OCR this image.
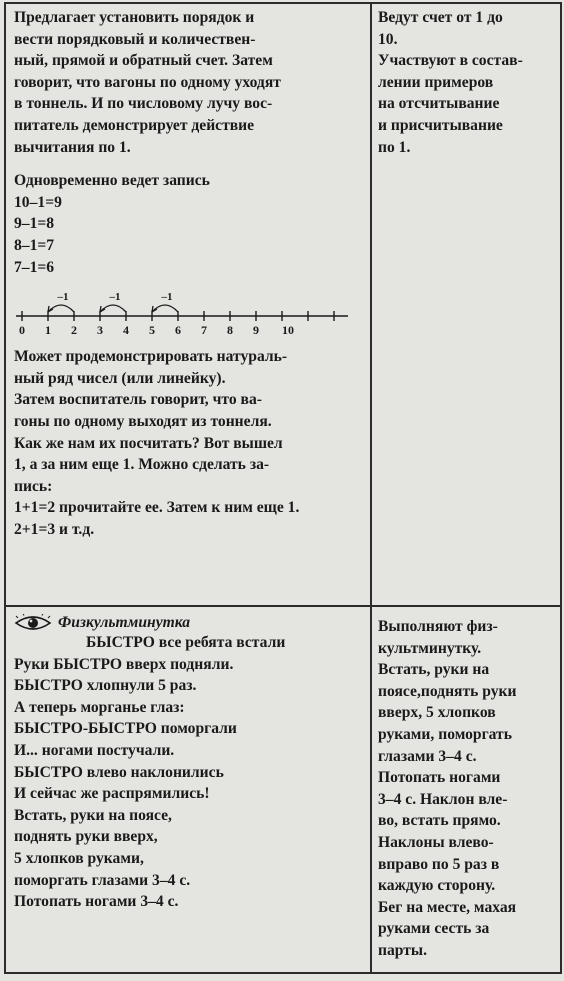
Предлагает установить порядок и

вести порядковый и количествен-

ный, прямой и обратный счет. Затем

говорит, что вагоны по одному уходят

в тоннель. И по числовому лучу вос-

питатель демонстрирует действие

вычитания по 1.

Одновременно ведет запись

10–1=9

9–1=8

8–1=7

7–1=6

0 1 2 3 4 5 6 7 8 9 10
–1	–1	–1

Может продемонстрировать натураль-

ный ряд чисел (или линейку).

Затем воспитатель говорит, что ва-

гоны по одному выходят из тоннеля.

Как же нам их посчитать? Вот вышел

1, а за ним еще 1. Можно сделать за-

пись:

1+1=2 прочитайте ее. Затем к ним еще 1.

2+1=3 и т.д.

Ведут счет от 1 до

10.

Участвуют в состав-

лении примеров

на отсчитывание

и присчитывание

по 1.

Физкультминутка

БЫСТРО все ребята встали

Руки БЫСТРО вверх подняли.

БЫСТРО хлопнули 5 раз.

А теперь морганье глаз:

БЫСТРО-БЫСТРО поморгали

И... ногами постучали.

БЫСТРО влево наклонились

И сейчас же распрямились!

Встать, руки на поясе,

поднять руки вверх,

5 хлопков руками,

поморгать глазами 3–4 с.

Потопать ногами 3–4 с.

Выполняют физ-

культминутку.

Встать, руки на

поясе,поднять руки

вверх, 5 хлопков

руками, поморгать

глазами 3–4 с.

Потопать ногами

3–4 с. Наклон вле-

во, встать прямо.

Наклоны влево-

вправо по 5 раз в

каждую сторону.

Бег на месте, махая

руками сесть за

парты.
